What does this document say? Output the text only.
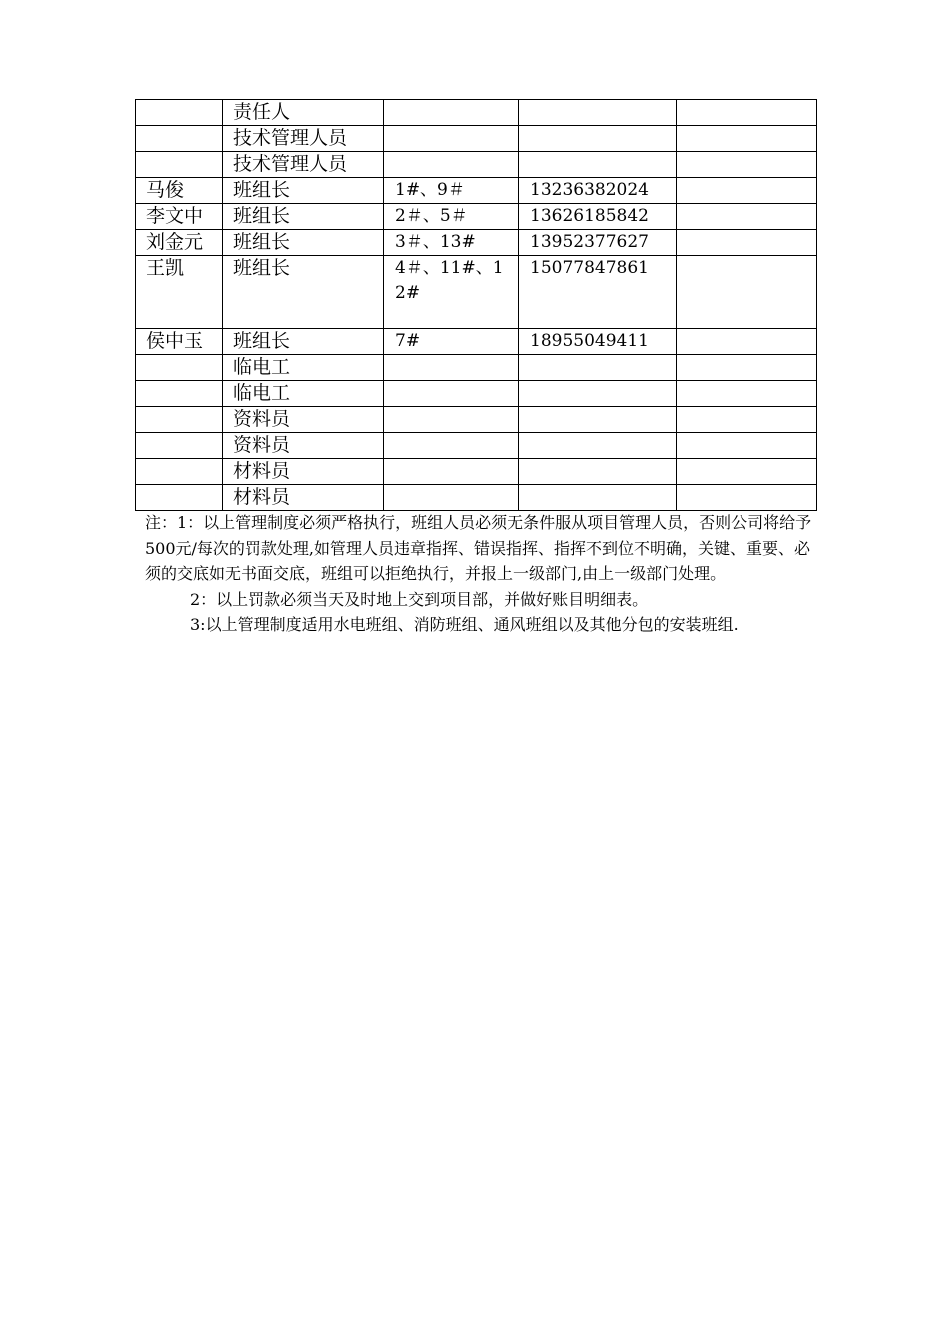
	责任人			
	技术管理人员			
	技术管理人员			
马俊	班组长	1#、9＃	13236382024	
李文中	班组长	2＃、5＃	13626185842	
刘金元	班组长	3＃、13#	13952377627	
王凯	班组长	4＃、11#、12#	15077847861	
侯中玉	班组长	7#	18955049411	
	临电工			
	临电工			
	资料员			
	资料员			
	材料员			
	材料员			

注：1：以上管理制度必须严格执行，班组人员必须无条件服从项目管理人员，否则公司将给予500元/每次的罚款处理,如管理人员违章指挥、错误指挥、指挥不到位不明确，关键、重要、必须的交底如无书面交底，班组可以拒绝执行，并报上一级部门,由上一级部门处理。

2：以上罚款必须当天及时地上交到项目部，并做好账目明细表。

3:以上管理制度适用水电班组、消防班组、通风班组以及其他分包的安装班组.
